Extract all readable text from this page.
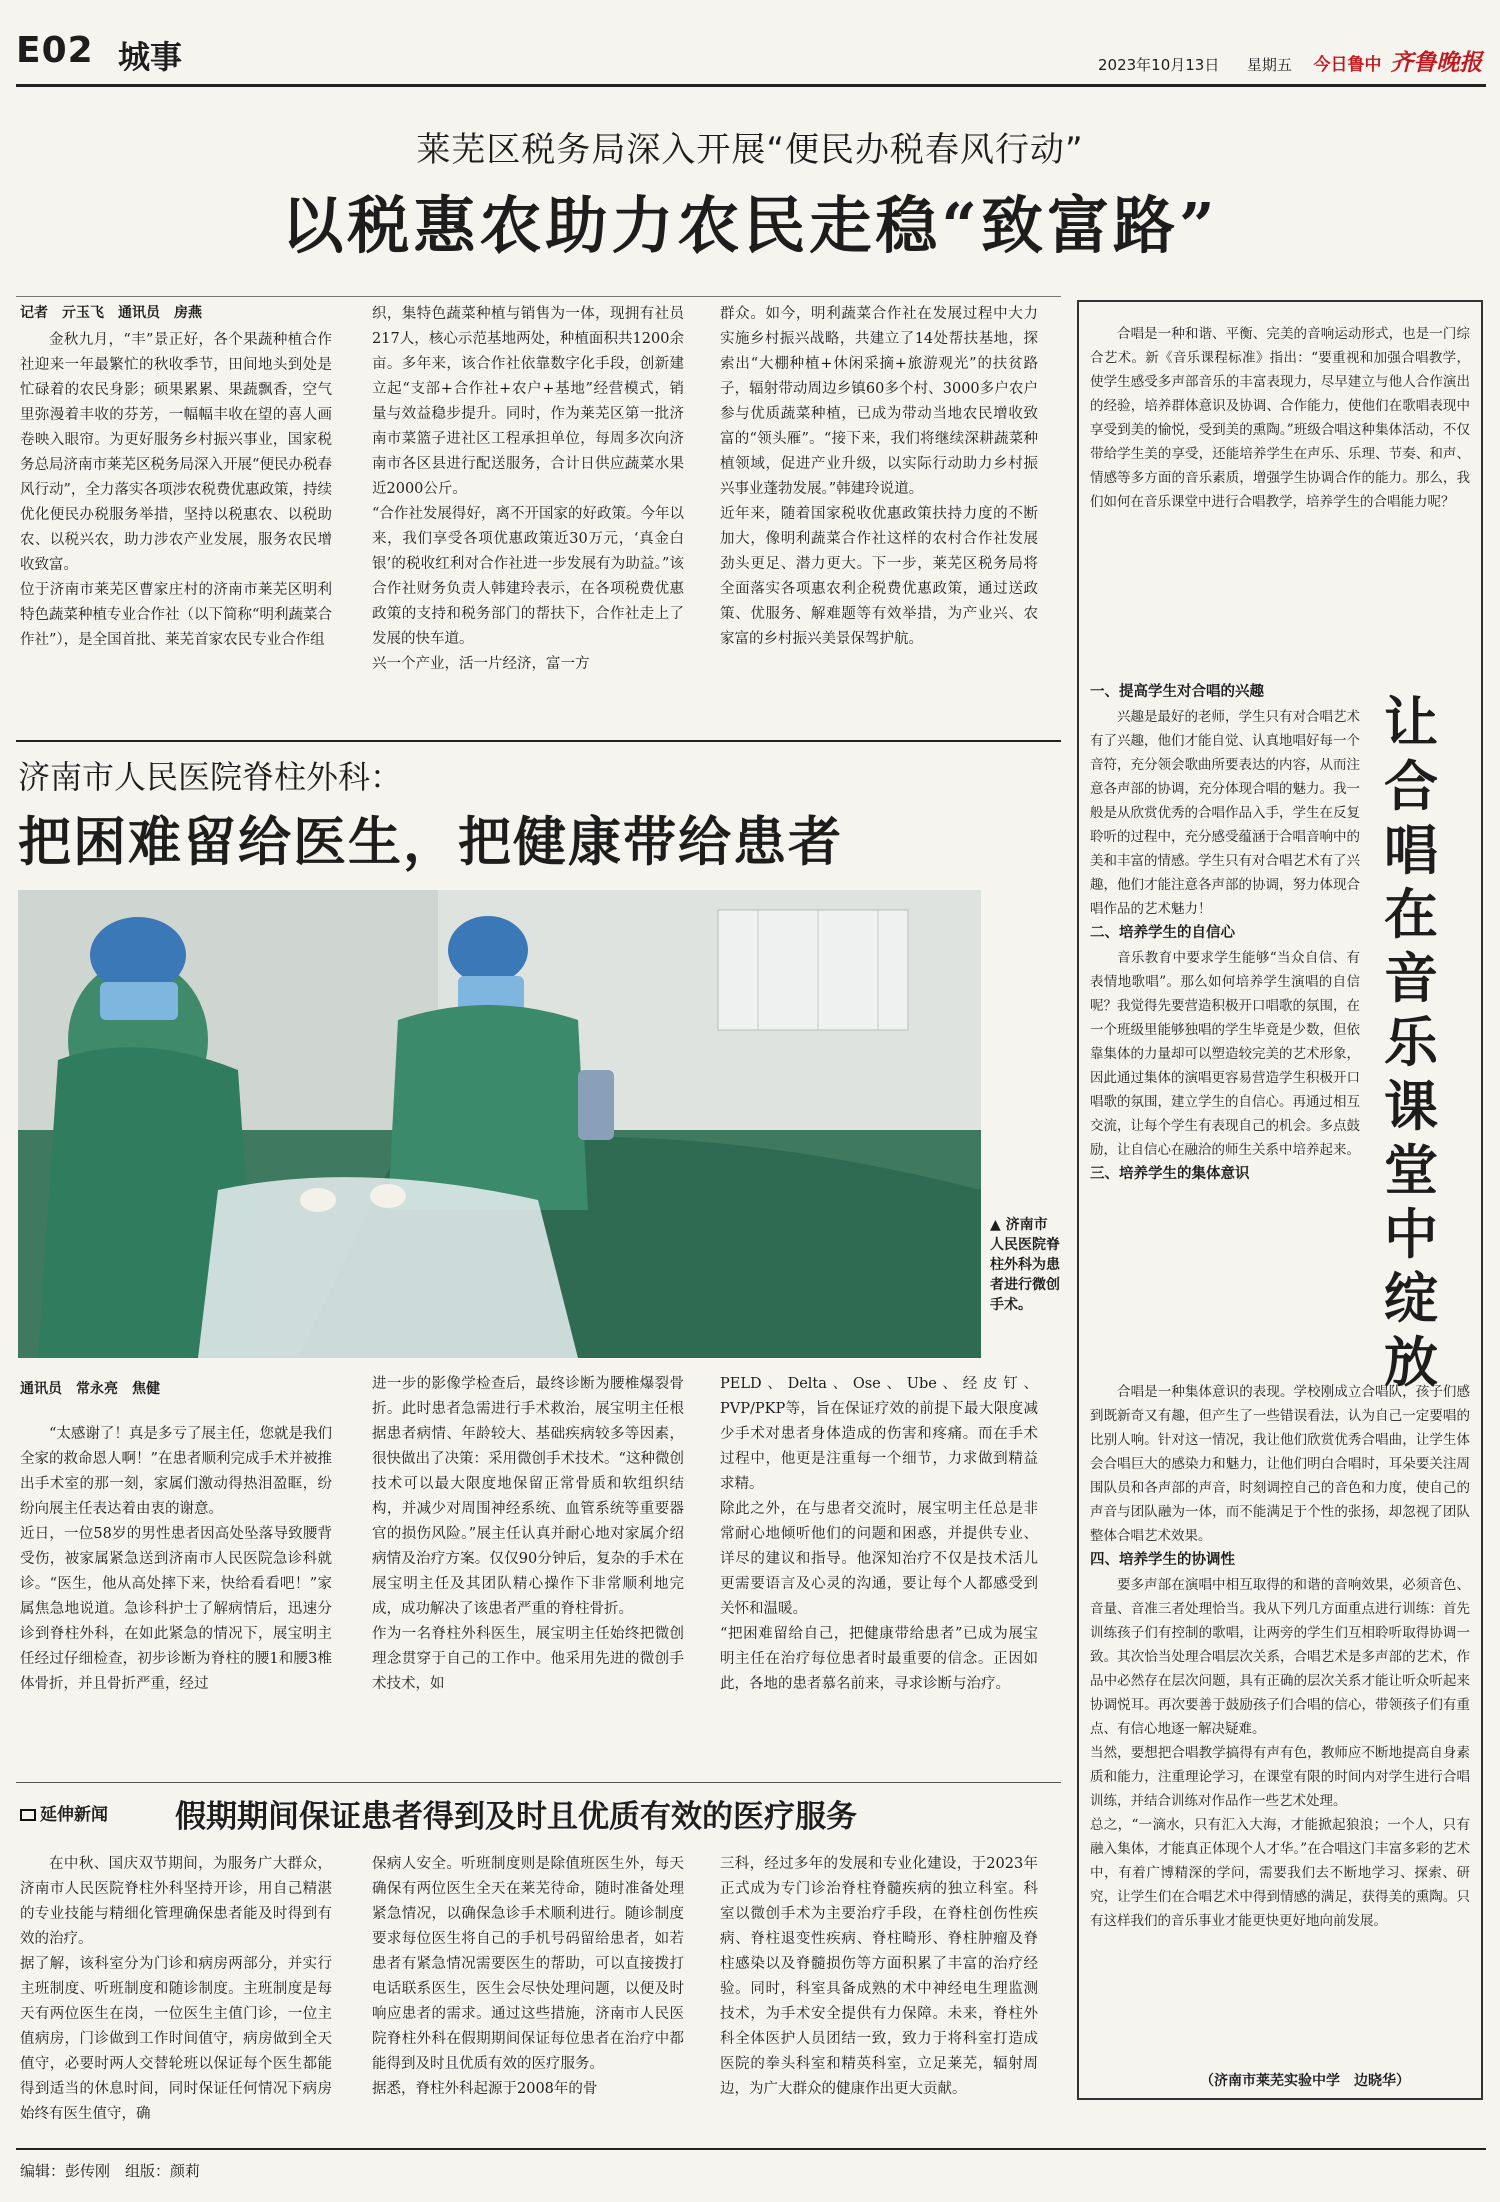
E02 城事	2023年10月13日 星期五 今日鲁中 齐鲁晚报
莱芜区税务局深入开展“便民办税春风行动”
以税惠农助力农民走稳“致富路”
记者　亓玉飞　通讯员　房燕
金秋九月，“丰”景正好，各个果蔬种植合作社迎来一年最繁忙的秋收季节，田间地头到处是忙碌着的农民身影；硕果累累、果蔬飘香，空气里弥漫着丰收的芬芳，一幅幅丰收在望的喜人画卷映入眼帘。为更好服务乡村振兴事业，国家税务总局济南市莱芜区税务局深入开展“便民办税春风行动”，全力落实各项涉农税费优惠政策，持续优化便民办税服务举措，坚持以税惠农、以税助农、以税兴农，助力涉农产业发展，服务农民增收致富。
位于济南市莱芜区曹家庄村的济南市莱芜区明利特色蔬菜种植专业合作社（以下简称“明利蔬菜合作社”），是全国首批、莱芜首家农民专业合作组
织，集特色蔬菜种植与销售为一体，现拥有社员217人，核心示范基地两处，种植面积共1200余亩。多年来，该合作社依靠数字化手段，创新建立起“支部+合作社+农户+基地”经营模式，销量与效益稳步提升。同时，作为莱芜区第一批济南市菜篮子进社区工程承担单位，每周多次向济南市各区县进行配送服务，合计日供应蔬菜水果近2000公斤。
“合作社发展得好，离不开国家的好政策。今年以来，我们享受各项优惠政策近30万元，‘真金白银’的税收红利对合作社进一步发展有为助益。”该合作社财务负责人韩建玲表示，在各项税费优惠政策的支持和税务部门的帮扶下，合作社走上了发展的快车道。
兴一个产业，活一片经济，富一方
群众。如今，明利蔬菜合作社在发展过程中大力实施乡村振兴战略，共建立了14处帮扶基地，探索出“大棚种植+休闲采摘+旅游观光”的扶贫路子，辐射带动周边乡镇60多个村、3000多户农户参与优质蔬菜种植，已成为带动当地农民增收致富的“领头雁”。“接下来，我们将继续深耕蔬菜种植领域，促进产业升级，以实际行动助力乡村振兴事业蓬勃发展。”韩建玲说道。
近年来，随着国家税收优惠政策扶持力度的不断加大，像明利蔬菜合作社这样的农村合作社发展劲头更足、潜力更大。下一步，莱芜区税务局将全面落实各项惠农利企税费优惠政策，通过送政策、优服务、解难题等有效举措，为产业兴、农家富的乡村振兴美景保驾护航。
济南市人民医院脊柱外科：
把困难留给医生，把健康带给患者
▲ 济南市人民医院脊柱外科为患者进行微创手术。
通讯员　常永亮　焦健
“太感谢了！真是多亏了展主任，您就是我们全家的救命恩人啊！”在患者顺利完成手术并被推出手术室的那一刻，家属们激动得热泪盈眶，纷纷向展主任表达着由衷的谢意。
近日，一位58岁的男性患者因高处坠落导致腰背受伤，被家属紧急送到济南市人民医院急诊科就诊。“医生，他从高处摔下来，快给看看吧！”家属焦急地说道。急诊科护士了解病情后，迅速分诊到脊柱外科，在如此紧急的情况下，展宝明主任经过仔细检查，初步诊断为脊柱的腰1和腰3椎体骨折，并且骨折严重，经过
进一步的影像学检查后，最终诊断为腰椎爆裂骨折。此时患者急需进行手术救治，展宝明主任根据患者病情、年龄较大、基础疾病较多等因素，很快做出了决策：采用微创手术技术。“这种微创技术可以最大限度地保留正常骨质和软组织结构，并减少对周围神经系统、血管系统等重要器官的损伤风险。”展主任认真并耐心地对家属介绍病情及治疗方案。仅仅90分钟后，复杂的手术在展宝明主任及其团队精心操作下非常顺利地完成，成功解决了该患者严重的脊柱骨折。
作为一名脊柱外科医生，展宝明主任始终把微创理念贯穿于自己的工作中。他采用先进的微创手术技术，如
PELD、Delta、Ose、Ube、经皮钉、PVP/PKP等，旨在保证疗效的前提下最大限度减少手术对患者身体造成的伤害和疼痛。而在手术过程中，他更是注重每一个细节，力求做到精益求精。
除此之外，在与患者交流时，展宝明主任总是非常耐心地倾听他们的问题和困惑，并提供专业、详尽的建议和指导。他深知治疗不仅是技术活儿更需要语言及心灵的沟通，要让每个人都感受到关怀和温暖。
“把困难留给自己，把健康带给患者”已成为展宝明主任在治疗每位患者时最重要的信念。正因如此，各地的患者慕名前来，寻求诊断与治疗。
延伸新闻 假期期间保证患者得到及时且优质有效的医疗服务
在中秋、国庆双节期间，为服务广大群众，济南市人民医院脊柱外科坚持开诊，用自己精湛的专业技能与精细化管理确保患者能及时得到有效的治疗。
据了解，该科室分为门诊和病房两部分，并实行主班制度、听班制度和随诊制度。主班制度是每天有两位医生在岗，一位医生主值门诊，一位主值病房，门诊做到工作时间值守，病房做到全天值守，必要时两人交替轮班以保证每个医生都能得到适当的休息时间，同时保证任何情况下病房始终有医生值守，确
保病人安全。听班制度则是除值班医生外，每天确保有两位医生全天在莱芜待命，随时准备处理紧急情况，以确保急诊手术顺利进行。随诊制度要求每位医生将自己的手机号码留给患者，如若患者有紧急情况需要医生的帮助，可以直接拨打电话联系医生，医生会尽快处理问题，以便及时响应患者的需求。通过这些措施，济南市人民医院脊柱外科在假期期间保证每位患者在治疗中都能得到及时且优质有效的医疗服务。
据悉，脊柱外科起源于2008年的骨
三科，经过多年的发展和专业化建设，于2023年正式成为专门诊治脊柱脊髓疾病的独立科室。科室以微创手术为主要治疗手段，在脊柱创伤性疾病、脊柱退变性疾病、脊柱畸形、脊柱肿瘤及脊柱感染以及脊髓损伤等方面积累了丰富的治疗经验。同时，科室具备成熟的术中神经电生理监测技术，为手术安全提供有力保障。未来，脊柱外科全体医护人员团结一致，致力于将科室打造成医院的拳头科室和精英科室，立足莱芜，辐射周边，为广大群众的健康作出更大贡献。
合唱是一种和谐、平衡、完美的音响运动形式，也是一门综合艺术。新《音乐课程标准》指出：“要重视和加强合唱教学，使学生感受多声部音乐的丰富表现力，尽早建立与他人合作演出的经验，培养群体意识及协调、合作能力，使他们在歌唱表现中享受到美的愉悦，受到美的熏陶。”班级合唱这种集体活动，不仅带给学生美的享受，还能培养学生在声乐、乐理、节奏、和声、情感等多方面的音乐素质，增强学生协调合作的能力。那么，我们如何在音乐课堂中进行合唱教学，培养学生的合唱能力呢？
让合唱在音乐课堂中绽放
一、提高学生对合唱的兴趣
兴趣是最好的老师，学生只有对合唱艺术有了兴趣，他们才能自觉、认真地唱好每一个音符，充分领会歌曲所要表达的内容，从而注意各声部的协调，充分体现合唱的魅力。我一般是从欣赏优秀的合唱作品入手，学生在反复聆听的过程中，充分感受蕴涵于合唱音响中的美和丰富的情感。学生只有对合唱艺术有了兴趣，他们才能注意各声部的协调，努力体现合唱作品的艺术魅力！
二、培养学生的自信心
音乐教育中要求学生能够“当众自信、有表情地歌唱”。那么如何培养学生演唱的自信呢？我觉得先要营造积极开口唱歌的氛围，在一个班级里能够独唱的学生毕竟是少数，但依靠集体的力量却可以塑造较完美的艺术形象，因此通过集体的演唱更容易营造学生积极开口唱歌的氛围，建立学生的自信心。再通过相互交流，让每个学生有表现自己的机会。多点鼓励，让自信心在融洽的师生关系中培养起来。
三、培养学生的集体意识
合唱是一种集体意识的表现。学校刚成立合唱队，孩子们感到既新奇又有趣，但产生了一些错误看法，认为自己一定要唱的比别人响。针对这一情况，我让他们欣赏优秀合唱曲，让学生体会合唱巨大的感染力和魅力，让他们明白合唱时，耳朵要关注周围队员和各声部的声音，时刻调控自己的音色和力度，使自己的声音与团队融为一体，而不能满足于个性的张扬，却忽视了团队整体合唱艺术效果。
四、培养学生的协调性
要多声部在演唱中相互取得的和谐的音响效果，必须音色、音量、音准三者处理恰当。我从下列几方面重点进行训练：首先训练孩子们有控制的歌唱，让两旁的学生们互相聆听取得协调一致。其次恰当处理合唱层次关系，合唱艺术是多声部的艺术，作品中必然存在层次问题，具有正确的层次关系才能让听众听起来协调悦耳。再次要善于鼓励孩子们合唱的信心，带领孩子们有重点、有信心地逐一解决疑难。
当然，要想把合唱教学搞得有声有色，教师应不断地提高自身素质和能力，注重理论学习，在课堂有限的时间内对学生进行合唱训练，并结合训练对作品作一些艺术处理。
总之，“一滴水，只有汇入大海，才能掀起狼浪；一个人，只有融入集体，才能真正体现个人才华。”在合唱这门丰富多彩的艺术中，有着广博精深的学问，需要我们去不断地学习、探索、研究，让学生们在合唱艺术中得到情感的满足，获得美的熏陶。只有这样我们的音乐事业才能更快更好地向前发展。
（济南市莱芜实验中学　边晓华）
编辑：彭传刚　组版：颜莉
